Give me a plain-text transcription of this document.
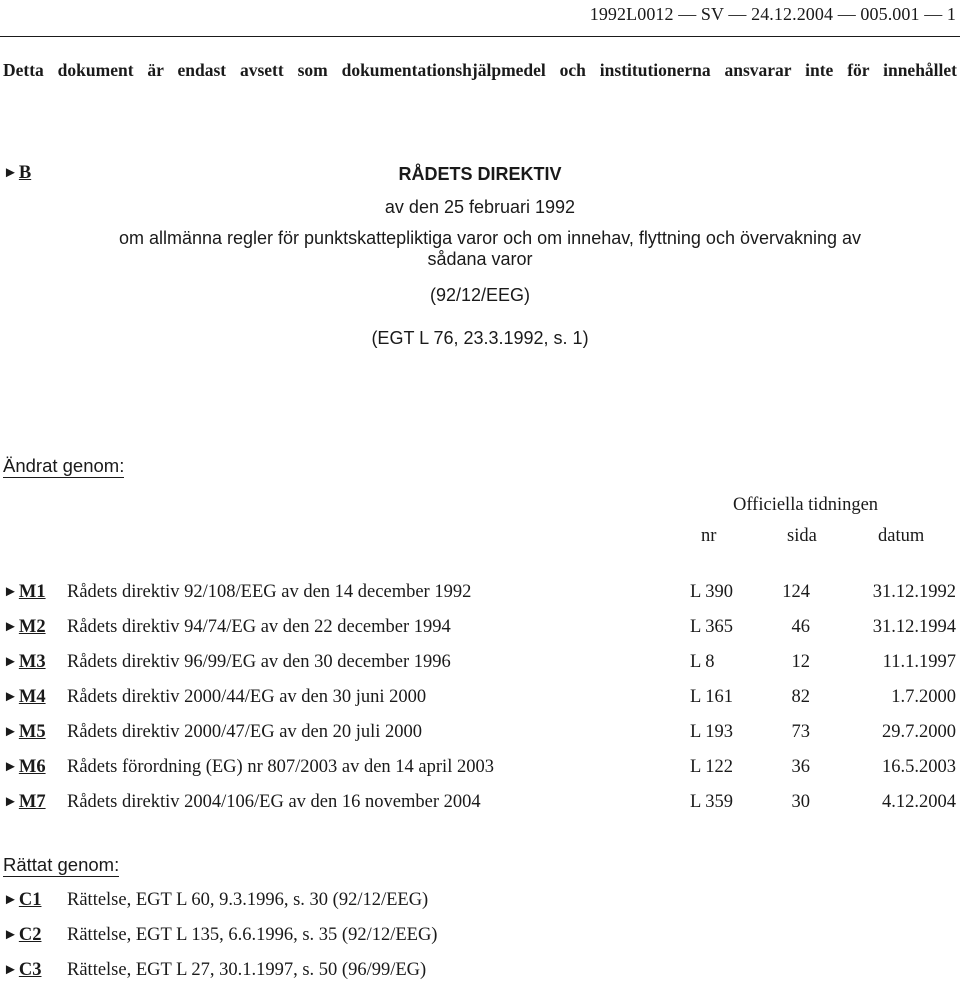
1992L0012 — SV — 24.12.2004 — 005.001 — 1
Detta dokument är endast avsett som dokumentationshjälpmedel och institutionerna ansvarar inte för innehållet
►B	RÅDETS DIREKTIV
av den 25 februari 1992
om allmänna regler för punktskattepliktiga varor och om innehav, flyttning och övervakning av
sådana varor
(92/12/EEG)
(EGT L 76, 23.3.1992, s. 1)
Ändrat genom:
Officiella tidningen
nr	sida	datum
►M1 Rådets direktiv 92/108/EEG av den 14 december 1992	L 390	124	31.12.1992
►M2 Rådets direktiv 94/74/EG av den 22 december 1994	L 365	46	31.12.1994
►M3 Rådets direktiv 96/99/EG av den 30 december 1996	L 8	12	11.1.1997
►M4 Rådets direktiv 2000/44/EG av den 30 juni 2000	L 161	82	1.7.2000
►M5 Rådets direktiv 2000/47/EG av den 20 juli 2000	L 193	73	29.7.2000
►M6 Rådets förordning (EG) nr 807/2003 av den 14 april 2003	L 122	36	16.5.2003
►M7 Rådets direktiv 2004/106/EG av den 16 november 2004	L 359	30	4.12.2004
Rättat genom:
►C1 Rättelse, EGT L 60, 9.3.1996, s. 30 (92/12/EEG)
►C2 Rättelse, EGT L 135, 6.6.1996, s. 35 (92/12/EEG)
►C3 Rättelse, EGT L 27, 30.1.1997, s. 50 (96/99/EG)
